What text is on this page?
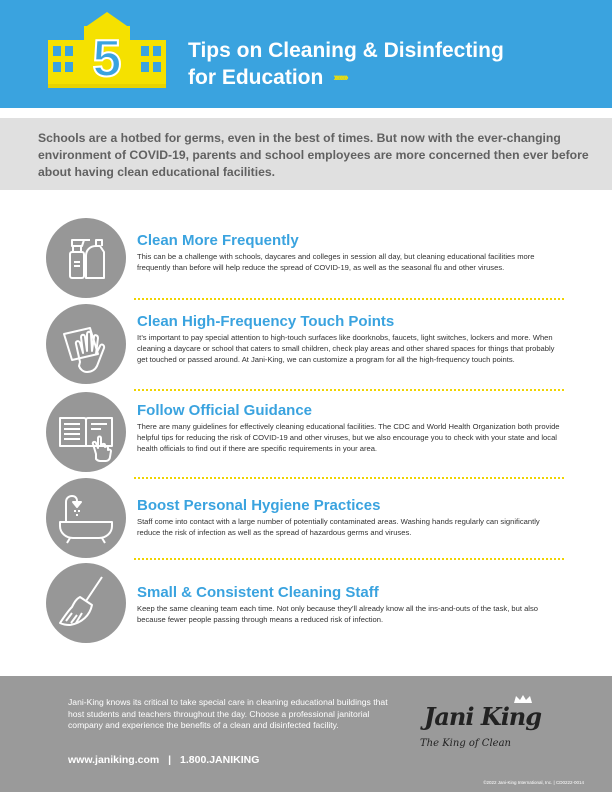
5	Tips on Cleaning & Disinfecting
for Education ››››››››

Schools are a hotbed for germs, even in the best of times. But now with the ever-changing environment of COVID-19, parents and school employees are more concerned then ever before about having clean educational facilities.

Clean More Frequently
This can be a challenge with schools, daycares and colleges in session all day, but cleaning educational facilities more frequently than before will help reduce the spread of COVID-19, as well as the seasonal flu and other viruses.
Clean High-Frequency Touch Points
It’s important to pay special attention to high-touch surfaces like doorknobs, faucets, light switches, lockers and more. When cleaning a daycare or school that caters to small children, check play areas and other shared spaces for things that probably get touched or passed around. At Jani-King, we can customize a program for all the high-frequency touch points.
Follow Official Guidance
There are many guidelines for effectively cleaning educational facilities. The CDC and World Health Organization both provide helpful tips for reducing the risk of COVID-19 and other viruses, but we also encourage you to check with your state and local health officials to find out if there are specific requirements in your area.
Boost Personal Hygiene Practices
Staff come into contact with a large number of potentially contaminated areas. Washing hands regularly can significantly reduce the risk of infection as well as the spread of hazardous germs and viruses.
Small & Consistent Cleaning Staff
Keep the same cleaning team each time. Not only because they’ll already know all the ins-and-outs of the task, but also because fewer people passing through means a reduced risk of infection.
Jani-King knows its critical to take special care in cleaning educational buildings that host students and teachers throughout the day. Choose a professional janitorial company and experience the benefits of a clean and disinfected facility.
www.janiking.com | 1.800.JANIKING
Jani King
The King of Clean
©2022 Jani-King International, Inc. | CD0222-0014
